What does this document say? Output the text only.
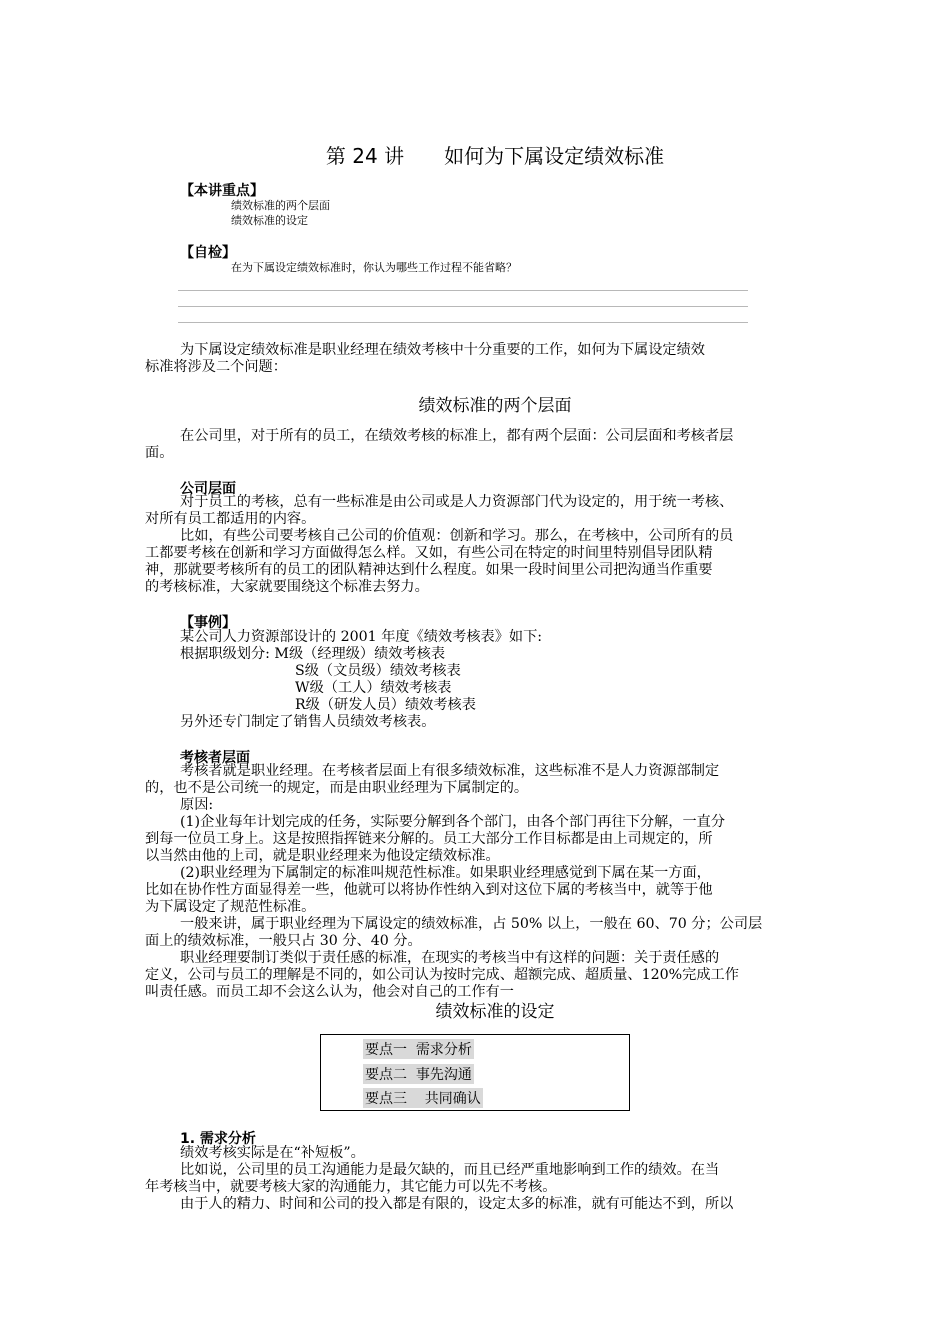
第 24 讲　　如何为下属设定绩效标准
【本讲重点】
绩效标准的两个层面
绩效标准的设定
【自检】
在为下属设定绩效标准时，你认为哪些工作过程不能省略？
为下属设定绩效标准是职业经理在绩效考核中十分重要的工作，如何为下属设定绩效
标准将涉及二个问题：
绩效标准的两个层面
在公司里，对于所有的员工，在绩效考核的标准上，都有两个层面：公司层面和考核者层
面。
公司层面
对于员工的考核，总有一些标准是由公司或是人力资源部门代为设定的，用于统一考核、
对所有员工都适用的内容。
比如，有些公司要考核自己公司的价值观：创新和学习。那么，在考核中，公司所有的员
工都要考核在创新和学习方面做得怎么样。又如，有些公司在特定的时间里特别倡导团队精
神，那就要考核所有的员工的团队精神达到什么程度。如果一段时间里公司把沟通当作重要
的考核标准，大家就要围绕这个标准去努力。
【事例】
某公司人力资源部设计的 2001 年度《绩效考核表》如下:
根据职级划分: M级（经理级）绩效考核表
S级（文员级）绩效考核表
W级（工人）绩效考核表
R级（研发人员）绩效考核表
另外还专门制定了销售人员绩效考核表。
考核者层面
考核者就是职业经理。在考核者层面上有很多绩效标准，这些标准不是人力资源部制定
的，也不是公司统一的规定，而是由职业经理为下属制定的。
原因:
(1)企业每年计划完成的任务，实际要分解到各个部门，由各个部门再往下分解，一直分
到每一位员工身上。这是按照指挥链来分解的。员工大部分工作目标都是由上司规定的，所
以当然由他的上司，就是职业经理来为他设定绩效标准。
(2)职业经理为下属制定的标准叫规范性标准。如果职业经理感觉到下属在某一方面，
比如在协作性方面显得差一些，他就可以将协作性纳入到对这位下属的考核当中，就等于他
为下属设定了规范性标准。
一般来讲，属于职业经理为下属设定的绩效标准，占 50% 以上，一般在 60、70 分；公司层
面上的绩效标准，一般只占 30 分、40 分。
职业经理要制订类似于责任感的标准，在现实的考核当中有这样的问题：关于责任感的
定义，公司与员工的理解是不同的，如公司认为按时完成、超额完成、超质量、120%完成工作
叫责任感。而员工却不会这么认为，他会对自己的工作有一
绩效标准的设定
要点一  需求分析
要点二  事先沟通
要点三    共同确认
1. 需求分析
绩效考核实际是在“补短板”。
比如说，公司里的员工沟通能力是最欠缺的，而且已经严重地影响到工作的绩效。在当
年考核当中，就要考核大家的沟通能力，其它能力可以先不考核。
由于人的精力、时间和公司的投入都是有限的，设定太多的标准，就有可能达不到，所以
